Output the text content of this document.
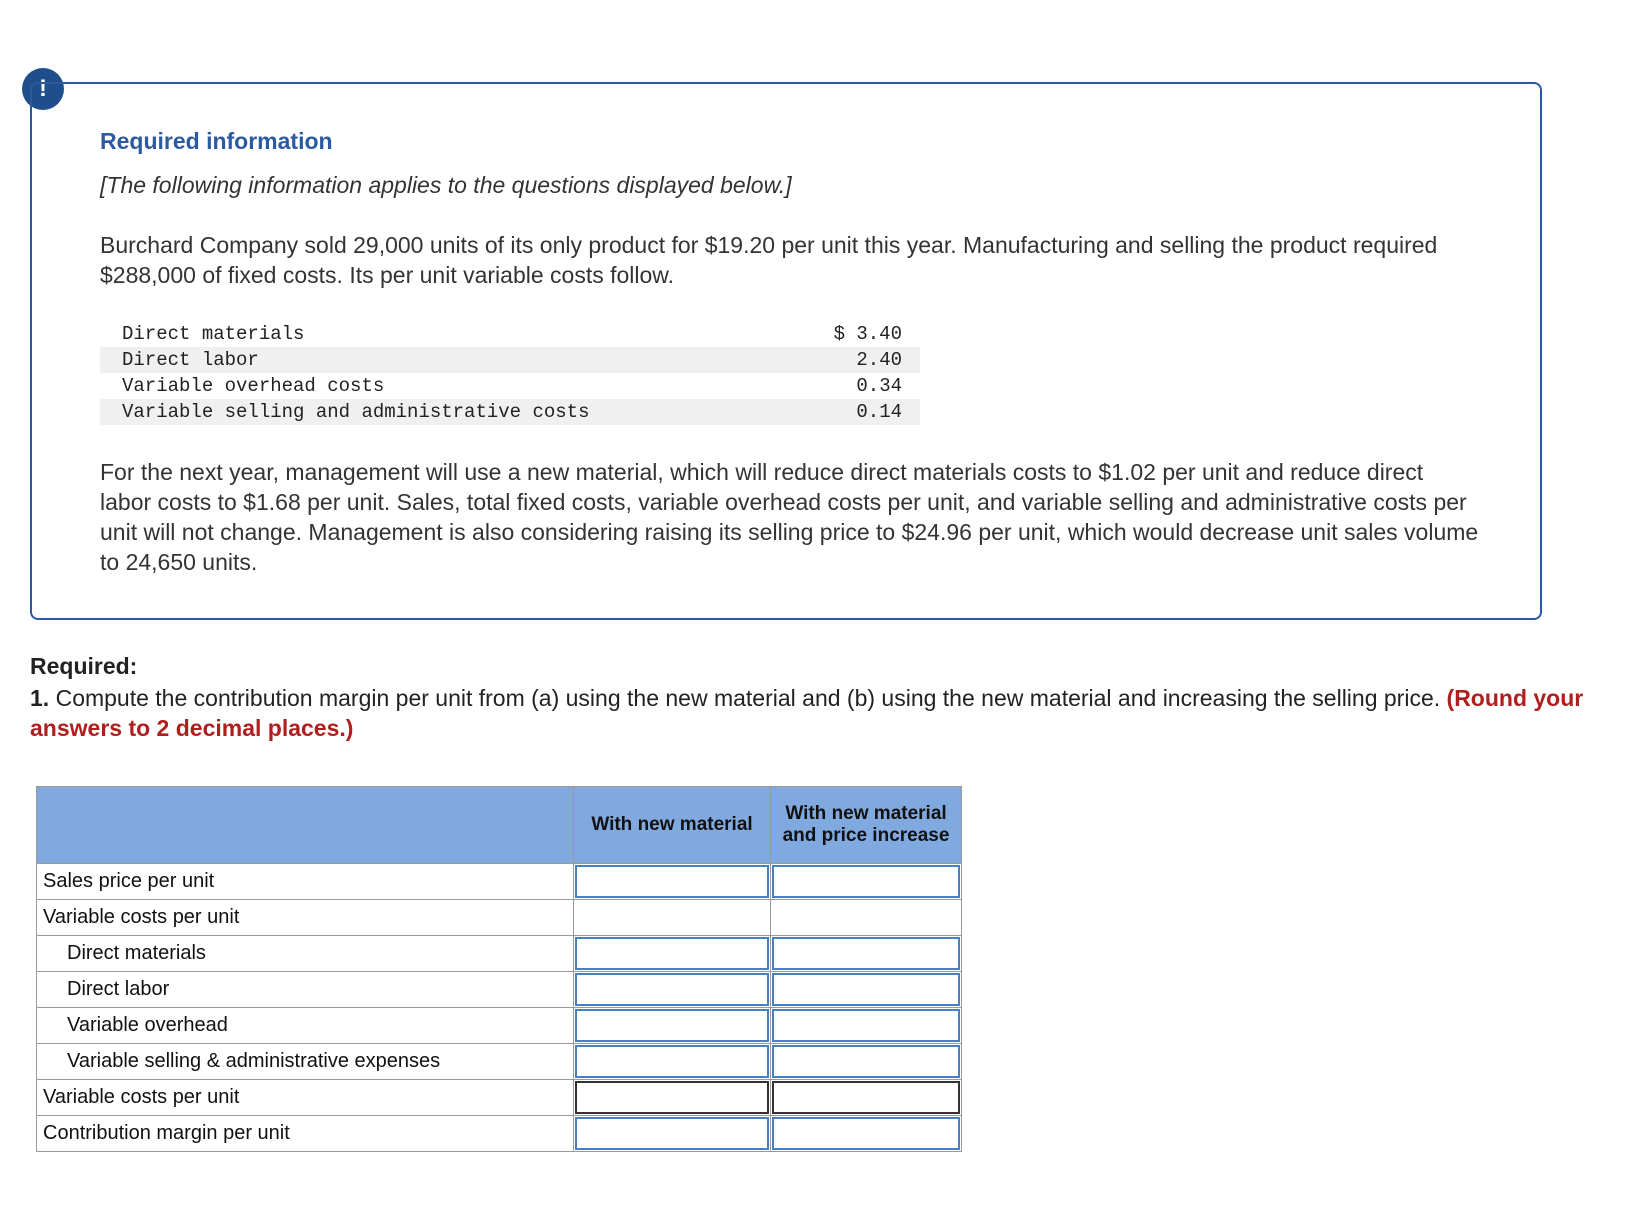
!
Required information

[The following information applies to the questions displayed below.]

Burchard Company sold 29,000 units of its only product for $19.20 per unit this year. Manufacturing and selling the product required $288,000 of fixed costs. Its per unit variable costs follow.

Direct materials	$ 3.40
Direct labor	2.40
Variable overhead costs	0.34
Variable selling and administrative costs	0.14

For the next year, management will use a new material, which will reduce direct materials costs to $1.02 per unit and reduce direct labor costs to $1.68 per unit. Sales, total fixed costs, variable overhead costs per unit, and variable selling and administrative costs per unit will not change. Management is also considering raising its selling price to $24.96 per unit, which would decrease unit sales volume to 24,650 units.

Required:

1. Compute the contribution margin per unit from (a) using the new material and (b) using the new material and increasing the selling price. (Round your answers to 2 decimal places.)

	With new material	With new material and price increase
Sales price per unit	

Variable costs per unit		
Direct materials	

Direct labor	

Variable overhead	

Variable selling & administrative expenses	

Variable costs per unit	

Contribution margin per unit	
